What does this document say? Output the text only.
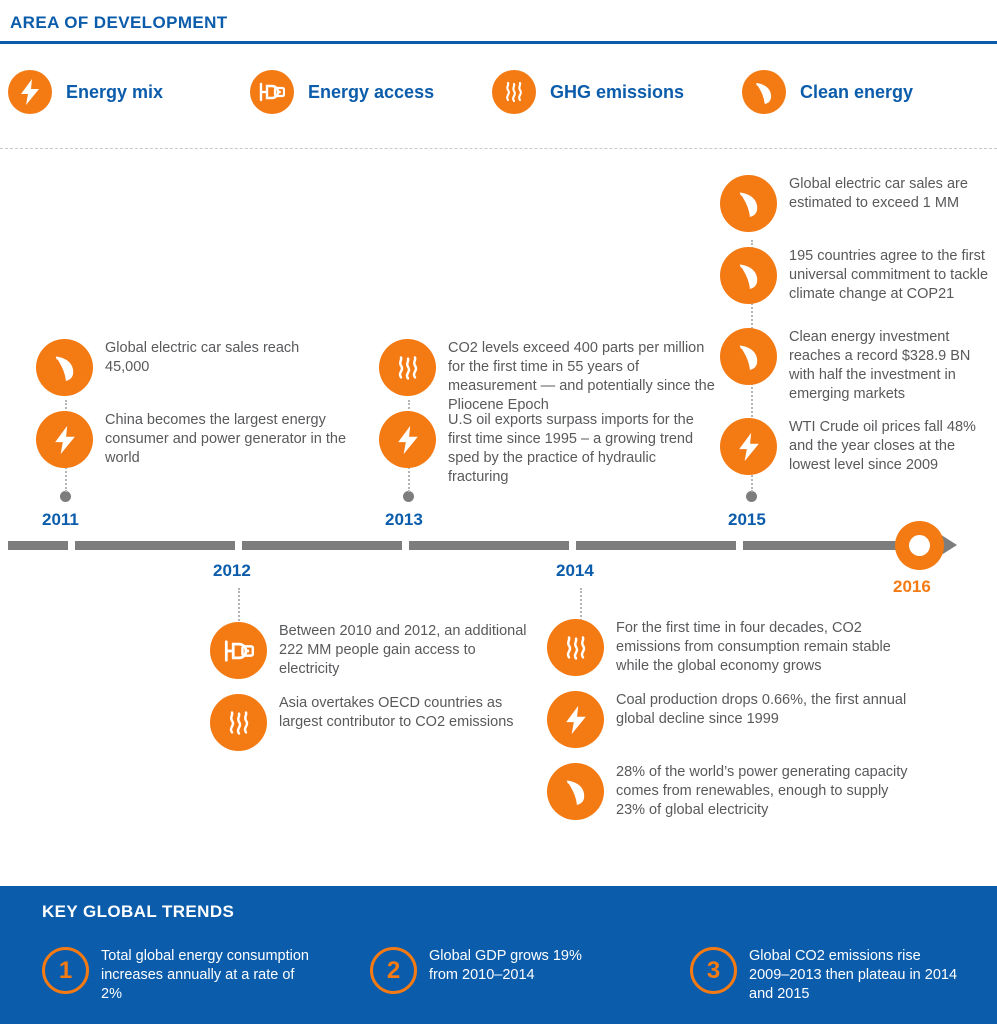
AREA OF DEVELOPMENT
Energy mix	Energy access	GHG emissions	Clean energy
2011
Global electric car sales reach 45,000
China becomes the largest energy consumer and power generator in the world
2012
Between 2010 and 2012, an additional 222 MM people gain access to electricity
Asia overtakes OECD countries as largest contributor to CO2 emissions
2013
CO2 levels exceed 400 parts per million for the first time in 55 years of measurement — and potentially since the Pliocene Epoch
U.S oil exports surpass imports for the first time since 1995 – a growing trend sped by the practice of hydraulic fracturing
2014
For the first time in four decades, CO2 emissions from consumption remain stable while the global economy grows
Coal production drops 0.66%, the first annual global decline since 1999
28% of the world’s power generating capacity comes from renewables, enough to supply 23% of global electricity
2015
Global electric car sales are estimated to exceed 1 MM
195 countries agree to the first universal commitment to tackle climate change at COP21
Clean energy investment reaches a record $328.9 BN with half the investment in emerging markets
WTI Crude oil prices fall 48% and the year closes at the lowest level since 2009
2016
KEY GLOBAL TRENDS
1
Total global energy consumption increases annually at a rate of 2%
2
Global GDP grows 19% from 2010–2014	3
Global CO2 emissions rise 2009–2013 then plateau in 2014 and 2015
